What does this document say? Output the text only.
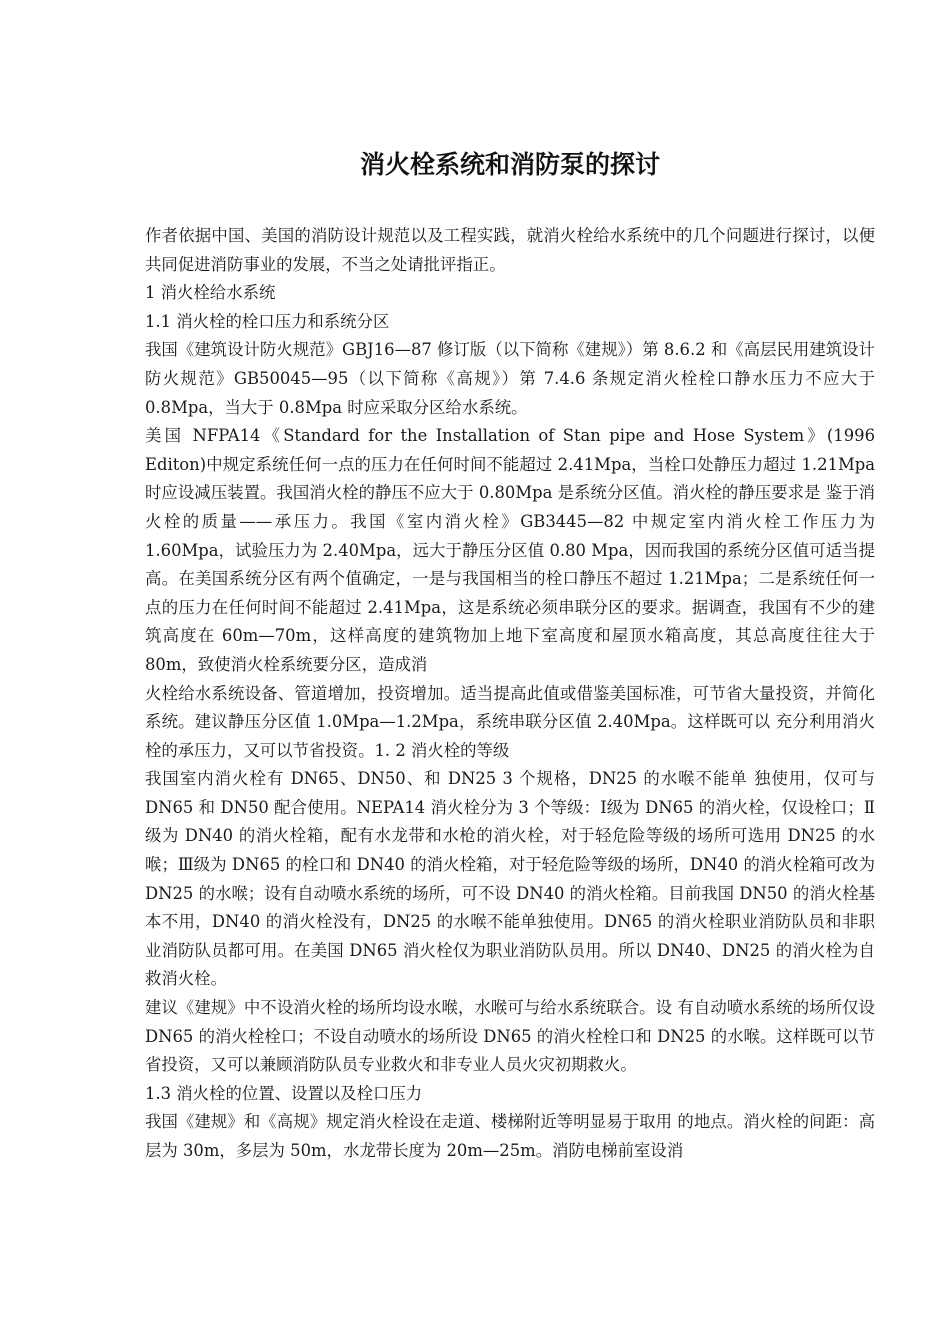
消火栓系统和消防泵的探讨

作者依据中国、美国的消防设计规范以及工程实践，就消火栓给水系统中的几个问题进行探讨，以便共同促进消防事业的发展，不当之处请批评指正。

1 消火栓给水系统

1.1 消火栓的栓口压力和系统分区

我国《建筑设计防火规范》GBJ16—87 修订版（以下简称《建规》）第 8.6.2 和《高层民用建筑设计防火规范》GB50045—95（以下简称《高规》）第 7.4.6 条规定消火栓栓口静水压力不应大于 0.8Mpa，当大于 0.8Mpa 时应采取分区给水系统。

美国 NFPA14《Standard for the Installation of Stan pipe and Hose System》(1996 Editon)中规定系统任何一点的压力在任何时间不能超过 2.41Mpa，当栓口处静压力超过 1.21Mpa 时应设减压装置。我国消火栓的静压不应大于 0.80Mpa 是系统分区值。消火栓的静压要求是 鉴于消火栓的质量——承压力。我国《室内消火栓》GB3445—82 中规定室内消火栓工作压力为 1.60Mpa，试验压力为 2.40Mpa，远大于静压分区值 0.80 Mpa，因而我国的系统分区值可适当提高。在美国系统分区有两个值确定，一是与我国相当的栓口静压不超过 1.21Mpa；二是系统任何一点的压力在任何时间不能超过 2.41Mpa，这是系统必须串联分区的要求。据调查，我国有不少的建筑高度在 60m—70m，这样高度的建筑物加上地下室高度和屋顶水箱高度，其总高度往往大于 80m，致使消火栓系统要分区，造成消

火栓给水系统设备、管道增加，投资增加。适当提高此值或借鉴美国标准，可节省大量投资，并简化系统。建议静压分区值 1.0Mpa—1.2Mpa，系统串联分区值 2.40Mpa。这样既可以 充分利用消火栓的承压力，又可以节省投资。1. 2 消火栓的等级

我国室内消火栓有 DN65、DN50、和 DN25 3 个规格，DN25 的水喉不能单 独使用，仅可与 DN65 和 DN50 配合使用。NEPA14 消火栓分为 3 个等级：Ⅰ级为 DN65 的消火栓，仅设栓口；Ⅱ级为 DN40 的消火栓箱，配有水龙带和水枪的消火栓，对于轻危险等级的场所可选用 DN25 的水喉；Ⅲ级为 DN65 的栓口和 DN40 的消火栓箱，对于轻危险等级的场所，DN40 的消火栓箱可改为 DN25 的水喉；设有自动喷水系统的场所，可不设 DN40 的消火栓箱。目前我国 DN50 的消火栓基本不用，DN40 的消火栓没有，DN25 的水喉不能单独使用。DN65 的消火栓职业消防队员和非职业消防队员都可用。在美国 DN65 消火栓仅为职业消防队员用。所以 DN40、DN25 的消火栓为自救消火栓。

建议《建规》中不设消火栓的场所均设水喉，水喉可与给水系统联合。设 有自动喷水系统的场所仅设 DN65 的消火栓栓口；不设自动喷水的场所设 DN65 的消火栓栓口和 DN25 的水喉。这样既可以节省投资，又可以兼顾消防队员专业救火和非专业人员火灾初期救火。

1.3 消火栓的位置、设置以及栓口压力

我国《建规》和《高规》规定消火栓设在走道、楼梯附近等明显易于取用 的地点。消火栓的间距：高层为 30m，多层为 50m，水龙带长度为 20m—25m。消防电梯前室设消
